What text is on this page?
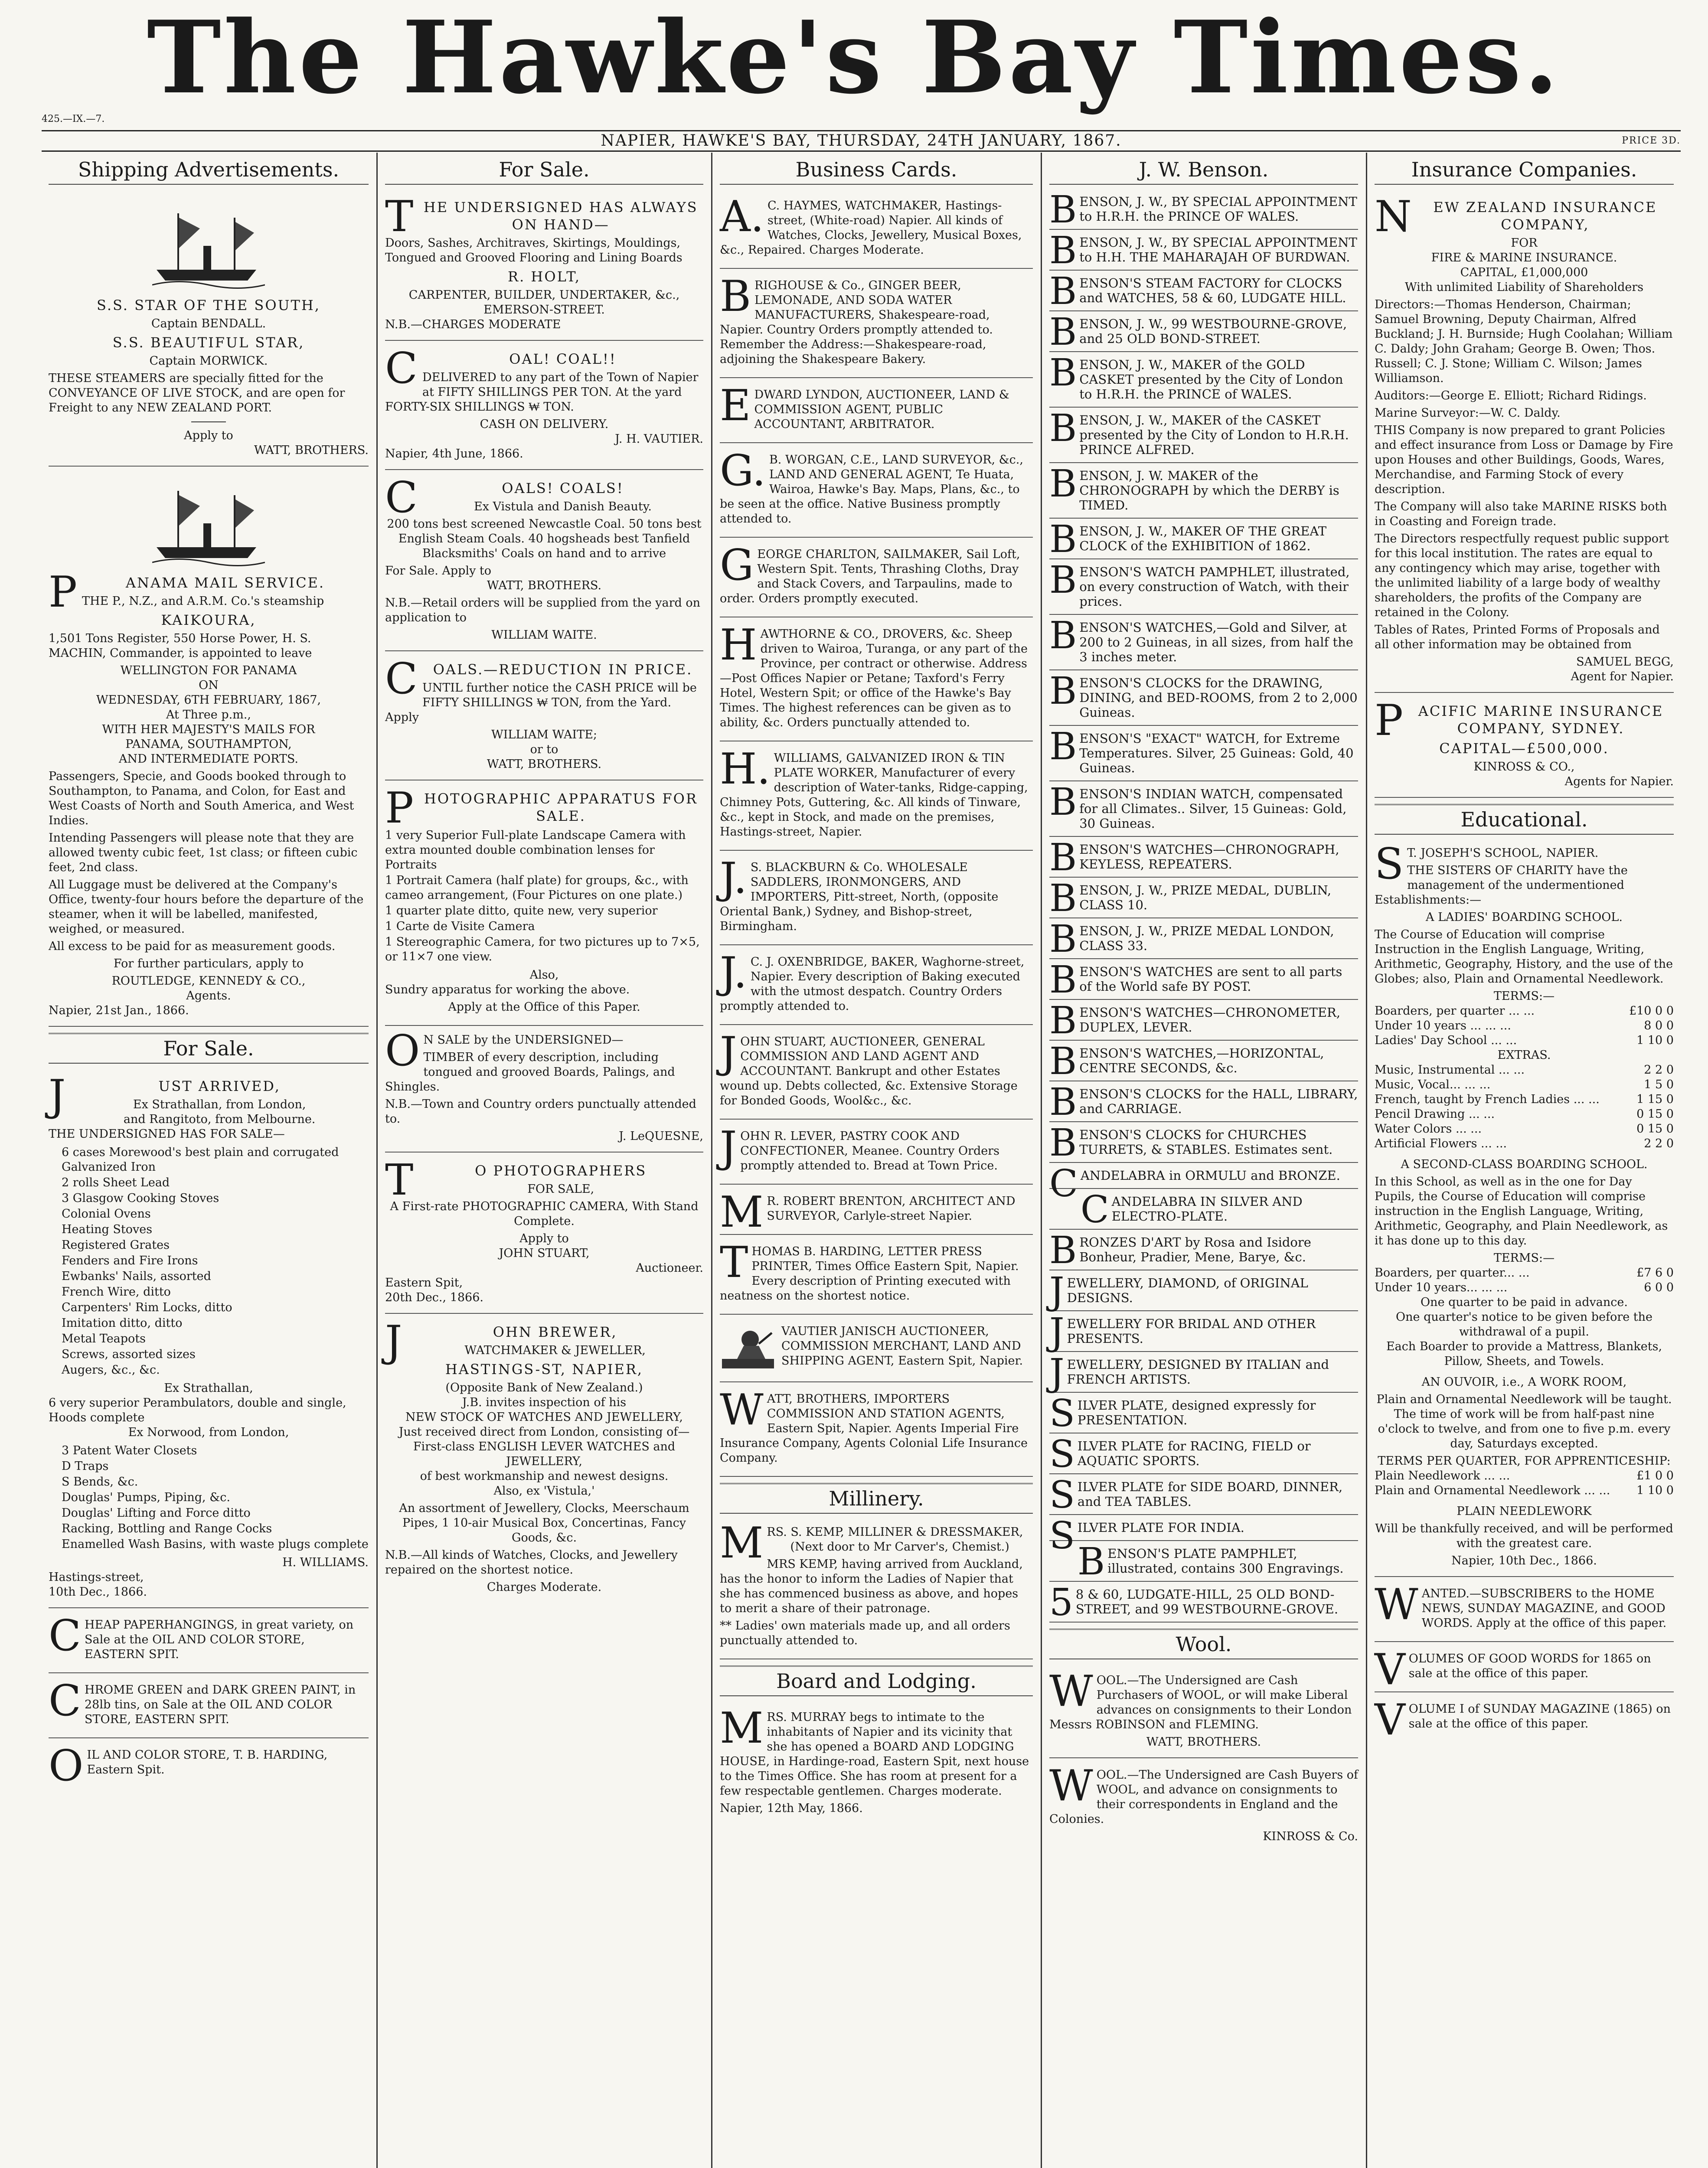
The Hawke's Bay Times.
425.—IX.—7.
NAPIER, HAWKE'S BAY, THURSDAY, 24TH JANUARY, 1867.	PRICE 3D.
Shipping Advertisements.
S.S. STAR OF THE SOUTH,
Captain BENDALL.
S.S. BEAUTIFUL STAR,
Captain MORWICK.

THESE STEAMERS are specially fitted for the CONVEYANCE OF LIVE STOCK, and are open for Freight to any NEW ZEALAND PORT.

Apply to
WATT, BROTHERS.
PANAMA MAIL SERVICE.

THE P., N.Z., and A.R.M. Co.'s steamship

KAIKOURA,

1,501 Tons Register, 550 Horse Power, H. S. MACHIN, Commander, is appointed to leave

WELLINGTON FOR PANAMA
ON
WEDNESDAY, 6TH FEBRUARY, 1867,
At Three p.m.,
WITH HER MAJESTY'S MAILS FOR
PANAMA, SOUTHAMPTON,
AND INTERMEDIATE PORTS.

Passengers, Specie, and Goods booked through to Southampton, to Panama, and Colon, for East and West Coasts of North and South America, and West Indies.

Intending Passengers will please note that they are allowed twenty cubic feet, 1st class; or fifteen cubic feet, 2nd class.

All Luggage must be delivered at the Company's Office, twenty-four hours before the departure of the steamer, when it will be labelled, manifested, weighed, or measured.

All excess to be paid for as measurement goods.

For further particulars, apply to

ROUTLEDGE, KENNEDY & CO.,
Agents.
Napier, 21st Jan., 1866.
For Sale.
JUST ARRIVED,
Ex Strathallan, from London,
and Rangitoto, from Melbourne.
THE UNDERSIGNED HAS FOR SALE—
6 cases Morewood's best plain and corrugated Galvanized Iron
2 rolls Sheet Lead
3 Glasgow Cooking Stoves
Colonial Ovens
Heating Stoves
Registered Grates
Fenders and Fire Irons
Ewbanks' Nails, assorted
French Wire, ditto
Carpenters' Rim Locks, ditto
Imitation ditto, ditto
Metal Teapots
Screws, assorted sizes
Augers, &c., &c.
Ex Strathallan,
6 very superior Perambulators, double and single, Hoods complete
Ex Norwood, from London,
3 Patent Water Closets
D Traps
S Bends, &c.
Douglas' Pumps, Piping, &c.
Douglas' Lifting and Force ditto
Racking, Bottling and Range Cocks
Enamelled Wash Basins, with waste plugs complete
H. WILLIAMS.
Hastings-street,
10th Dec., 1866.

CHEAP PAPERHANGINGS, in great variety, on Sale at the OIL AND COLOR STORE, EASTERN SPIT.

CHROME GREEN and DARK GREEN PAINT, in 28lb tins, on Sale at the OIL AND COLOR STORE, EASTERN SPIT.

OIL AND COLOR STORE, T. B. HARDING, Eastern Spit.

For Sale.
THE UNDERSIGNED HAS ALWAYS ON HAND—

Doors, Sashes, Architraves, Skirtings, Mouldings, Tongued and Grooved Flooring and Lining Boards

R. HOLT,
CARPENTER, BUILDER, UNDERTAKER, &c.,
EMERSON-STREET.
N.B.—CHARGES MODERATE
COAL! COAL!!

DELIVERED to any part of the Town of Napier at FIFTY SHILLINGS PER TON. At the yard FORTY-SIX SHILLINGS ₩ TON.

CASH ON DELIVERY.
J. H. VAUTIER.
Napier, 4th June, 1866.
COALS! COALS!
Ex Vistula and Danish Beauty.

200 tons best screened Newcastle Coal. 50 tons best English Steam Coals. 40 hogsheads best Tanfield Blacksmiths' Coals on hand and to arrive

For Sale. Apply to
WATT, BROTHERS.

N.B.—Retail orders will be supplied from the yard on application to

WILLIAM WAITE.
COALS.—REDUCTION IN PRICE.

UNTIL further notice the CASH PRICE will be FIFTY SHILLINGS ₩ TON, from the Yard. Apply

WILLIAM WAITE;
or to
WATT, BROTHERS.
PHOTOGRAPHIC APPARATUS FOR SALE.
1 very Superior Full-plate Landscape Camera with extra mounted double combination lenses for Portraits
1 Portrait Camera (half plate) for groups, &c., with cameo arrangement, (Four Pictures on one plate.)
1 quarter plate ditto, quite new, very superior
1 Carte de Visite Camera
1 Stereographic Camera, for two pictures up to 7×5, or 11×7 one view.
Also,
Sundry apparatus for working the above.

Apply at the Office of this Paper.

ON SALE by the UNDERSIGNED—

TIMBER of every description, including tongued and grooved Boards, Palings, and Shingles.

N.B.—Town and Country orders punctually attended to.

J. LeQUESNE,
TO PHOTOGRAPHERS
FOR SALE,

A First-rate PHOTOGRAPHIC CAMERA, With Stand Complete.

Apply to
JOHN STUART,
Auctioneer.
Eastern Spit,
20th Dec., 1866.
JOHN BREWER,
WATCHMAKER & JEWELLER,
HASTINGS-ST, NAPIER,
(Opposite Bank of New Zealand.)
J.B. invites inspection of his
NEW STOCK OF WATCHES AND JEWELLERY,
Just received direct from London, consisting of—
First-class ENGLISH LEVER WATCHES and JEWELLERY,
of best workmanship and newest designs.
Also, ex 'Vistula,'

An assortment of Jewellery, Clocks, Meerschaum Pipes, 1 10-air Musical Box, Concertinas, Fancy Goods, &c.

N.B.—All kinds of Watches, Clocks, and Jewellery repaired on the shortest notice.

Charges Moderate.
Business Cards.

A.C. HAYMES, WATCHMAKER, Hastings-street, (White-road) Napier. All kinds of Watches, Clocks, Jewellery, Musical Boxes, &c., Repaired. Charges Moderate.

BRIGHOUSE & Co., GINGER BEER, LEMONADE, AND SODA WATER MANUFACTURERS, Shakespeare-road, Napier. Country Orders promptly attended to. Remember the Address:—Shakespeare-road, adjoining the Shakespeare Bakery.

EDWARD LYNDON, AUCTIONEER, LAND & COMMISSION AGENT, PUBLIC ACCOUNTANT, ARBITRATOR.

G.B. WORGAN, C.E., LAND SURVEYOR, &c., LAND AND GENERAL AGENT, Te Huata, Wairoa, Hawke's Bay. Maps, Plans, &c., to be seen at the office. Native Business promptly attended to.

GEORGE CHARLTON, SAILMAKER, Sail Loft, Western Spit. Tents, Thrashing Cloths, Dray and Stack Covers, and Tarpaulins, made to order. Orders promptly executed.

HAWTHORNE & CO., DROVERS, &c. Sheep driven to Wairoa, Turanga, or any part of the Province, per contract or otherwise. Address —Post Offices Napier or Petane; Taxford's Ferry Hotel, Western Spit; or office of the Hawke's Bay Times. The highest references can be given as to ability, &c. Orders punctually attended to.

H.WILLIAMS, GALVANIZED IRON & TIN PLATE WORKER, Manufacturer of every description of Water-tanks, Ridge-capping, Chimney Pots, Guttering, &c. All kinds of Tinware, &c., kept in Stock, and made on the premises, Hastings-street, Napier.

J.S. BLACKBURN & Co. WHOLESALE SADDLERS, IRONMONGERS, AND IMPORTERS, Pitt-street, North, (opposite Oriental Bank,) Sydney, and Bishop-street, Birmingham.

J.C. J. OXENBRIDGE, BAKER, Waghorne-street, Napier. Every description of Baking executed with the utmost despatch. Country Orders promptly attended to.

JOHN STUART, AUCTIONEER, GENERAL COMMISSION AND LAND AGENT AND ACCOUNTANT. Bankrupt and other Estates wound up. Debts collected, &c. Extensive Storage for Bonded Goods, Wool&c., &c.

JOHN R. LEVER, PASTRY COOK AND CONFECTIONER, Meanee. Country Orders promptly attended to. Bread at Town Price.

MR. ROBERT BRENTON, ARCHITECT AND SURVEYOR, Carlyle-street Napier.

THOMAS B. HARDING, LETTER PRESS PRINTER, Times Office Eastern Spit, Napier. Every description of Printing executed with neatness on the shortest notice.

VAUTIER JANISCH AUCTIONEER, COMMISSION MERCHANT, LAND AND SHIPPING AGENT, Eastern Spit, Napier.

WATT, BROTHERS, IMPORTERS COMMISSION AND STATION AGENTS, Eastern Spit, Napier. Agents Imperial Fire Insurance Company, Agents Colonial Life Insurance Company.

Millinery.
MRS. S. KEMP, MILLINER & DRESSMAKER,
(Next door to Mr Carver's, Chemist.)

MRS KEMP, having arrived from Auckland, has the honor to inform the Ladies of Napier that she has commenced business as above, and hopes to merit a share of their patronage.

** Ladies' own materials made up, and all orders punctually attended to.

Board and Lodging.

MRS. MURRAY begs to intimate to the inhabitants of Napier and its vicinity that she has opened a BOARD AND LODGING HOUSE, in Hardinge-road, Eastern Spit, next house to the Times Office. She has room at present for a few respectable gentlemen. Charges moderate.

Napier, 12th May, 1866.
J. W. Benson.
BENSON, J. W., BY SPECIAL APPOINTMENT to H.R.H. the PRINCE OF WALES.
BENSON, J. W., BY SPECIAL APPOINTMENT to H.H. THE MAHARAJAH OF BURDWAN.
BENSON'S STEAM FACTORY for CLOCKS and WATCHES, 58 & 60, LUDGATE HILL.
BENSON, J. W., 99 WESTBOURNE-GROVE, and 25 OLD BOND-STREET.
BENSON, J. W., MAKER of the GOLD CASKET presented by the City of London to H.R.H. the PRINCE of WALES.
BENSON, J. W., MAKER of the CASKET presented by the City of London to H.R.H. PRINCE ALFRED.
BENSON, J. W. MAKER of the CHRONOGRAPH by which the DERBY is TIMED.
BENSON, J. W., MAKER OF THE GREAT CLOCK of the EXHIBITION of 1862.
BENSON'S WATCH PAMPHLET, illustrated, on every construction of Watch, with their prices.
BENSON'S WATCHES,—Gold and Silver, at 200 to 2 Guineas, in all sizes, from half the 3 inches meter.
BENSON'S CLOCKS for the DRAWING, DINING, and BED-ROOMS, from 2 to 2,000 Guineas.
BENSON'S "EXACT" WATCH, for Extreme Temperatures. Silver, 25 Guineas: Gold, 40 Guineas.
BENSON'S INDIAN WATCH, compensated for all Climates.. Silver, 15 Guineas: Gold, 30 Guineas.
BENSON'S WATCHES—CHRONOGRAPH, KEYLESS, REPEATERS.
BENSON, J. W., PRIZE MEDAL, DUBLIN, CLASS 10.
BENSON, J. W., PRIZE MEDAL LONDON, CLASS 33.
BENSON'S WATCHES are sent to all parts of the World safe BY POST.
BENSON'S WATCHES—CHRONOMETER, DUPLEX, LEVER.
BENSON'S WATCHES,—HORIZONTAL, CENTRE SECONDS, &c.
BENSON'S CLOCKS for the HALL, LIBRARY, and CARRIAGE.
BENSON'S CLOCKS for CHURCHES TURRETS, & STABLES. Estimates sent.
CANDELABRA in ORMULU and BRONZE.
CANDELABRA IN SILVER AND ELECTRO-PLATE.
BRONZES D'ART by Rosa and Isidore Bonheur, Pradier, Mene, Barye, &c.
JEWELLERY, DIAMOND, of ORIGINAL DESIGNS.
JEWELLERY FOR BRIDAL AND OTHER PRESENTS.
JEWELLERY, DESIGNED BY ITALIAN and FRENCH ARTISTS.
SILVER PLATE, designed expressly for PRESENTATION.
SILVER PLATE for RACING, FIELD or AQUATIC SPORTS.
SILVER PLATE for SIDE BOARD, DINNER, and TEA TABLES.
SILVER PLATE FOR INDIA.
BENSON'S PLATE PAMPHLET, illustrated, contains 300 Engravings.
58 & 60, LUDGATE-HILL, 25 OLD BOND-STREET, and 99 WESTBOURNE-GROVE.
Wool.

WOOL.—The Undersigned are Cash Purchasers of WOOL, or will make Liberal advances on consignments to their London Messrs ROBINSON and FLEMING.

WATT, BROTHERS.

WOOL.—The Undersigned are Cash Buyers of WOOL, and advance on consignments to their correspondents in England and the Colonies.

KINROSS & Co.
Insurance Companies.
NEW ZEALAND INSURANCE COMPANY,
FOR
FIRE & MARINE INSURANCE.
CAPITAL, £1,000,000
With unlimited Liability of Shareholders

Directors:—Thomas Henderson, Chairman; Samuel Browning, Deputy Chairman, Alfred Buckland; J. H. Burnside; Hugh Coolahan; William C. Daldy; John Graham; George B. Owen; Thos. Russell; C. J. Stone; William C. Wilson; James Williamson.

Auditors:—George E. Elliott; Richard Ridings.

Marine Surveyor:—W. C. Daldy.

THIS Company is now prepared to grant Policies and effect insurance from Loss or Damage by Fire upon Houses and other Buildings, Goods, Wares, Merchandise, and Farming Stock of every description.

The Company will also take MARINE RISKS both in Coasting and Foreign trade.

The Directors respectfully request public support for this local institution. The rates are equal to any contingency which may arise, together with the unlimited liability of a large body of wealthy shareholders, the profits of the Company are retained in the Colony.

Tables of Rates, Printed Forms of Proposals and all other information may be obtained from

SAMUEL BEGG,
Agent for Napier.
PACIFIC MARINE INSURANCE COMPANY, SYDNEY.
CAPITAL—£500,000.
KINROSS & CO.,
Agents for Napier.
Educational.
ST. JOSEPH'S SCHOOL, NAPIER.

THE SISTERS OF CHARITY have the management of the undermentioned Establishments:—

A LADIES' BOARDING SCHOOL.

The Course of Education will comprise Instruction in the English Language, Writing, Arithmetic, Geography, History, and the use of the Globes; also, Plain and Ornamental Needlework.

TERMS:—
Boarders, per quarter ... ...	£10 0 0
Under 10 years ... ... ...	8 0 0
Ladies' Day School ... ...	1 10 0
EXTRAS.
Music, Instrumental ... ...	2 2 0
Music, Vocal... ... ...	1 5 0
French, taught by French Ladies ... ...	1 15 0
Pencil Drawing ... ...	0 15 0
Water Colors ... ...	0 15 0
Artificial Flowers ... ...	2 2 0
A SECOND-CLASS BOARDING SCHOOL.

In this School, as well as in the one for Day Pupils, the Course of Education will comprise instruction in the English Language, Writing, Arithmetic, Geography, and Plain Needlework, as it has done up to this day.

TERMS:—
Boarders, per quarter... ...	£7 6 0
Under 10 years... ... ...	6 0 0
One quarter to be paid in advance.
One quarter's notice to be given before the withdrawal of a pupil.
Each Boarder to provide a Mattress, Blankets, Pillow, Sheets, and Towels.
AN OUVOIR, i.e., A WORK ROOM,

Plain and Ornamental Needlework will be taught. The time of work will be from half-past nine o'clock to twelve, and from one to five p.m. every day, Saturdays excepted.

TERMS PER QUARTER, FOR APPRENTICESHIP:
Plain Needlework ... ...	£1 0 0
Plain and Ornamental Needlework ... ... 1 10 0
PLAIN NEEDLEWORK

Will be thankfully received, and will be performed with the greatest care.

Napier, 10th Dec., 1866.

WANTED.—SUBSCRIBERS to the HOME NEWS, SUNDAY MAGAZINE, and GOOD WORDS. Apply at the office of this paper.

VOLUMES OF GOOD WORDS for 1865 on sale at the office of this paper.

VOLUME I of SUNDAY MAGAZINE (1865) on sale at the office of this paper.
